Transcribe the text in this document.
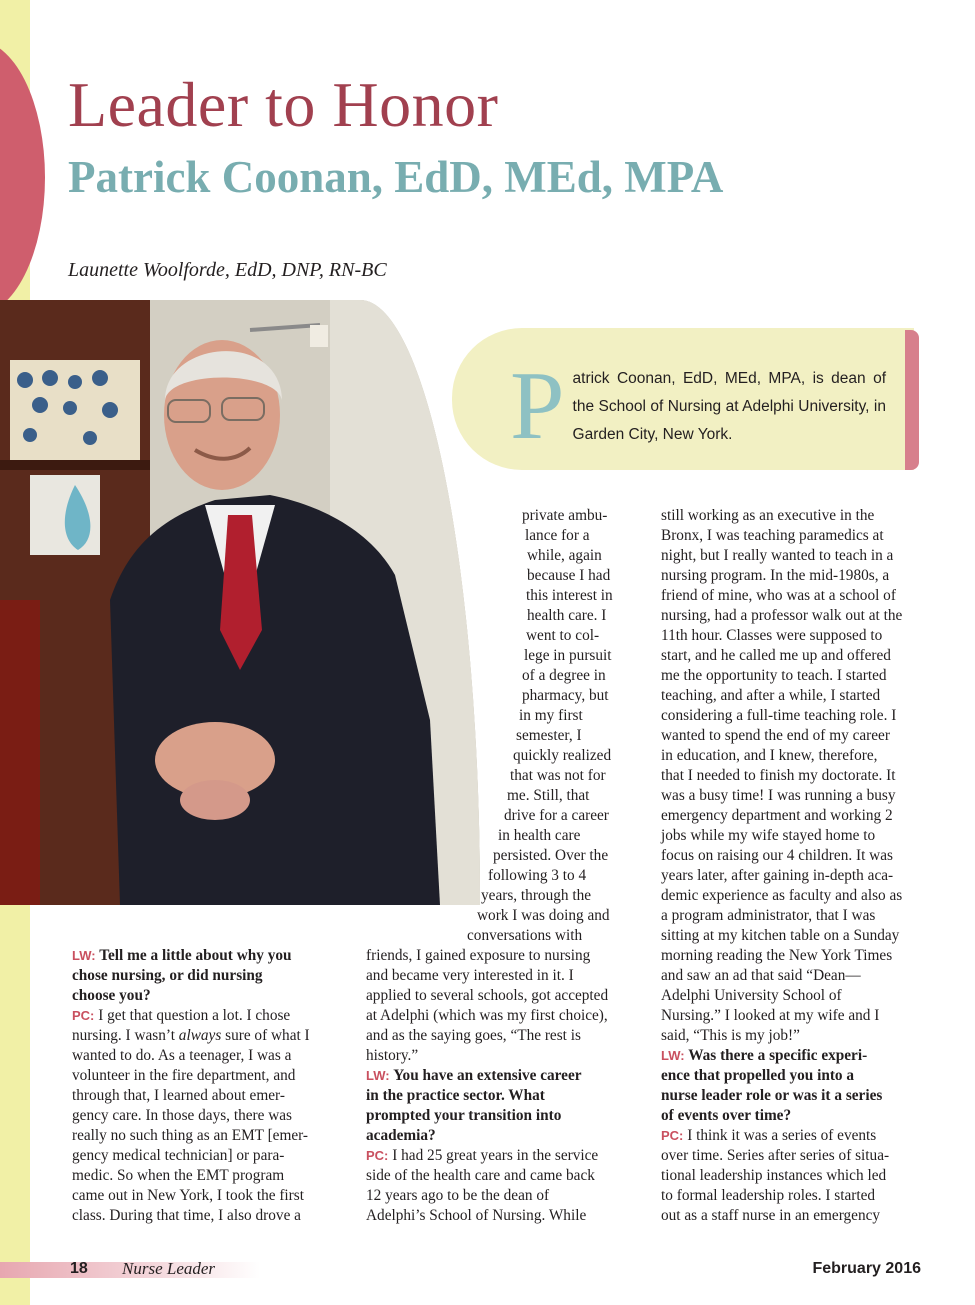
Leader to Honor
Patrick Coonan, EdD, MEd, MPA

Launette Woolforde, EdD, DNP, RN-BC

Patrick Coonan, EdD, MEd, MPA, is dean of the School of Nursing at Adelphi University, in Garden City, New York.

LW: Tell me a little about why you
chose nursing, or did nursing
choose you?
PC: I get that question a lot. I chose
nursing. I wasn’t always sure of what I
wanted to do. As a teenager, I was a
volunteer in the fire department, and
through that, I learned about emer-
gency care. In those days, there was
really no such thing as an EMT [emer-
gency medical technician] or para-
medic. So when the EMT program
came out in New York, I took the first
class. During that time, I also drove a
private ambu-
lance for a
while, again
because I had
this interest in
health care. I
went to col-
lege in pursuit
of a degree in
pharmacy, but
in my first
semester, I
quickly realized
that was not for
me. Still, that
drive for a career
in health care
persisted. Over the
following 3 to 4
years, through the
work I was doing and
conversations with
friends, I gained exposure to nursing
and became very interested in it. I
applied to several schools, got accepted
at Adelphi (which was my first choice),
and as the saying goes, “The rest is
history.”
LW: You have an extensive career
in the practice sector. What
prompted your transition into
academia?
PC: I had 25 great years in the service
side of the health care and came back
12 years ago to be the dean of
Adelphi’s School of Nursing. While
still working as an executive in the
Bronx, I was teaching paramedics at
night, but I really wanted to teach in a
nursing program. In the mid-1980s, a
friend of mine, who was at a school of
nursing, had a professor walk out at the
11th hour. Classes were supposed to
start, and he called me up and offered
me the opportunity to teach. I started
teaching, and after a while, I started
considering a full-time teaching role. I
wanted to spend the end of my career
in education, and I knew, therefore,
that I needed to finish my doctorate. It
was a busy time! I was running a busy
emergency department and working 2
jobs while my wife stayed home to
focus on raising our 4 children. It was
years later, after gaining in-depth aca-
demic experience as faculty and also as
a program administrator, that I was
sitting at my kitchen table on a Sunday
morning reading the New York Times
and saw an ad that said “Dean—
Adelphi University School of
Nursing.” I looked at my wife and I
said, “This is my job!”
LW: Was there a specific experi-
ence that propelled you into a
nurse leader role or was it a series
of events over time?
PC: I think it was a series of events
over time. Series after series of situa-
tional leadership instances which led
to formal leadership roles. I started
out as a staff nurse in an emergency

18 Nurse Leader	February 2016
